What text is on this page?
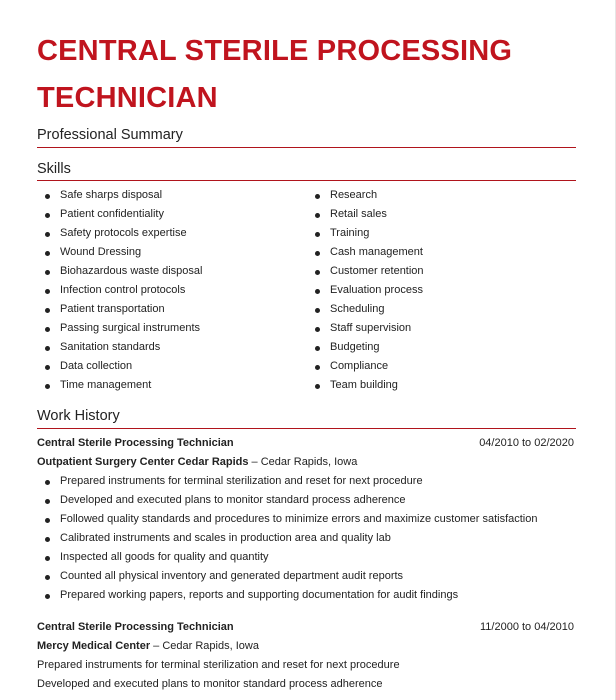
CENTRAL STERILE PROCESSING
TECHNICIAN
Professional Summary
Skills
Safe sharps disposal
Patient confidentiality
Safety protocols expertise
Wound Dressing
Biohazardous waste disposal
Infection control protocols
Patient transportation
Passing surgical instruments
Sanitation standards
Data collection
Time management
Research
Retail sales
Training
Cash management
Customer retention
Evaluation process
Scheduling
Staff supervision
Budgeting
Compliance
Team building
Work History
Central Sterile Processing Technician	04/2010 to 02/2020
Outpatient Surgery Center Cedar Rapids – Cedar Rapids, Iowa
Prepared instruments for terminal sterilization and reset for next procedure
Developed and executed plans to monitor standard process adherence
Followed quality standards and procedures to minimize errors and maximize customer satisfaction
Calibrated instruments and scales in production area and quality lab
Inspected all goods for quality and quantity
Counted all physical inventory and generated department audit reports
Prepared working papers, reports and supporting documentation for audit findings
Central Sterile Processing Technician	11/2000 to 04/2010
Mercy Medical Center – Cedar Rapids, Iowa
Prepared instruments for terminal sterilization and reset for next procedure
Developed and executed plans to monitor standard process adherence
